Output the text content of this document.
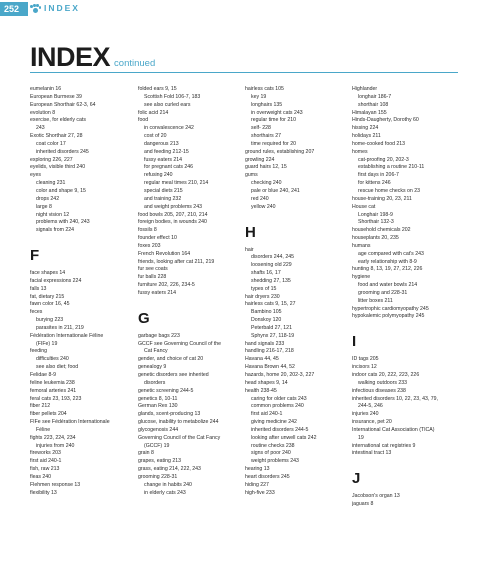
252	INDEX
INDEX continued
eumelanin 16
European Burmese 39
European Shorthair 62-3, 64
evolution 8
exercise, for elderly cats
243
Exotic Shorthair 27, 28
coat color 17
inherited disorders 245
exploring 226, 227
eyelids, visible third 240
eyes
cleaning 231
color and shape 9, 15
drops 242
large 8
night vision 12
problems with 240, 243
signals from 224
F
face shapes 14
facial expressions 224
falls 13
fat, dietary 215
fawn color 16, 45
feces
burying 223
parasites in 211, 219
Fédération Internationale Féline
(FIFe) 19
feeding
difficulties 240
see also diet; food
Felidae 8-9
feline leukemia 238
femoral arteries 241
feral cats 23, 193, 223
fiber 212
fiber pellets 204
FIFe see Fédération Internationale
Féline
fights 223, 224, 234
injuries from 240
fireworks 203
first aid 240-1
fish, raw 213
fleas 240
Flehmen response 13
flexibility 13
folded ears 9, 15
Scottish Fold 106-7, 183
see also curled ears
folic acid 214
food
in convalescence 242
cost of 20
dangerous 213
and feeding 212-15
fussy eaters 214
for pregnant cats 246
refusing 240
regular meal times 210, 214
special diets 215
and training 232
and weight problems 243
food bowls 205, 207, 210, 214
foreign bodies, in wounds 240
fossils 8
founder effect 10
foxes 203
French Revolution 164
friends, looking after cat 211, 219
fur see coats
fur balls 228
furniture 202, 226, 234-5
fussy eaters 214
G
garbage bags 223
GCCF see Governing Council of the
Cat Fancy
gender, and choice of cat 20
genealogy 9
genetic disorders see inherited
disorders
genetic screening 244-5
genetics 8, 10-11
German Rex 130
glands, scent-producing 13
glucose, inability to metabolize 244
glycogenosis 244
Governing Council of the Cat Fancy
(GCCF) 19
grain 8
grapes, eating 213
grass, eating 214, 222, 243
grooming 228-31
change in habits 240
in elderly cats 243
hairless cats 105
key 19
longhairs 135
in overweight cats 243
regular time for 210
self- 228
shorthairs 27
time required for 20
ground rules, establishing 207
growling 224
guard hairs 12, 15
gums
checking 240
pale or blue 240, 241
red 240
yellow 240
H
hair
disorders 244, 245
loosening old 229
shafts 16, 17
shedding 27, 135
types of 15
hair dryers 230
hairless cats 9, 15, 27
Bambino 105
Donskoy 120
Peterbald 27, 121
Sphynx 27, 118-19
hand signals 233
handling 216-17, 218
Havana 44, 45
Havana Brown 44, 52
hazards, home 20, 202-3, 227
head shapes 9, 14
health 238-45
caring for older cats 243
common problems 240
first aid 240-1
giving medicine 242
inherited disorders 244-5
looking after unwell cats 242
routine checks 238
signs of poor 240
weight problems 243
hearing 13
heart disorders 245
hiding 227
high-five 233
Highlander
longhair 186-7
shorthair 108
Himalayan 155
Hinds-Daugherty, Dorothy 60
hissing 224
holidays 211
home-cooked food 213
homes
cat-proofing 20, 202-3
establishing a routine 210-11
first days in 206-7
for kittens 246
rescue home checks on 23
house-training 20, 23, 211
House cat
Longhair 198-9
Shorthair 132-3
household chemicals 202
houseplants 20, 235
humans
age compared with cat's 243
early relationship with 8-9
hunting 8, 13, 19, 27, 212, 226
hygiene
food and water bowls 214
grooming and 228-31
litter boxes 211
hypertrophic cardiomyopathy 245
hypokalemic polymyopathy 245
I
ID tags 205
incisors 12
indoor cats 20, 222, 223, 226
walking outdoors 233
infectious diseases 238
inherited disorders 10, 22, 23, 43, 79,
244-5, 246
injuries 240
insurance, pet 20
International Cat Association (TICA)
19
international cat registries 9
intestinal tract 13
J
Jacobson's organ 13
jaguars 8
